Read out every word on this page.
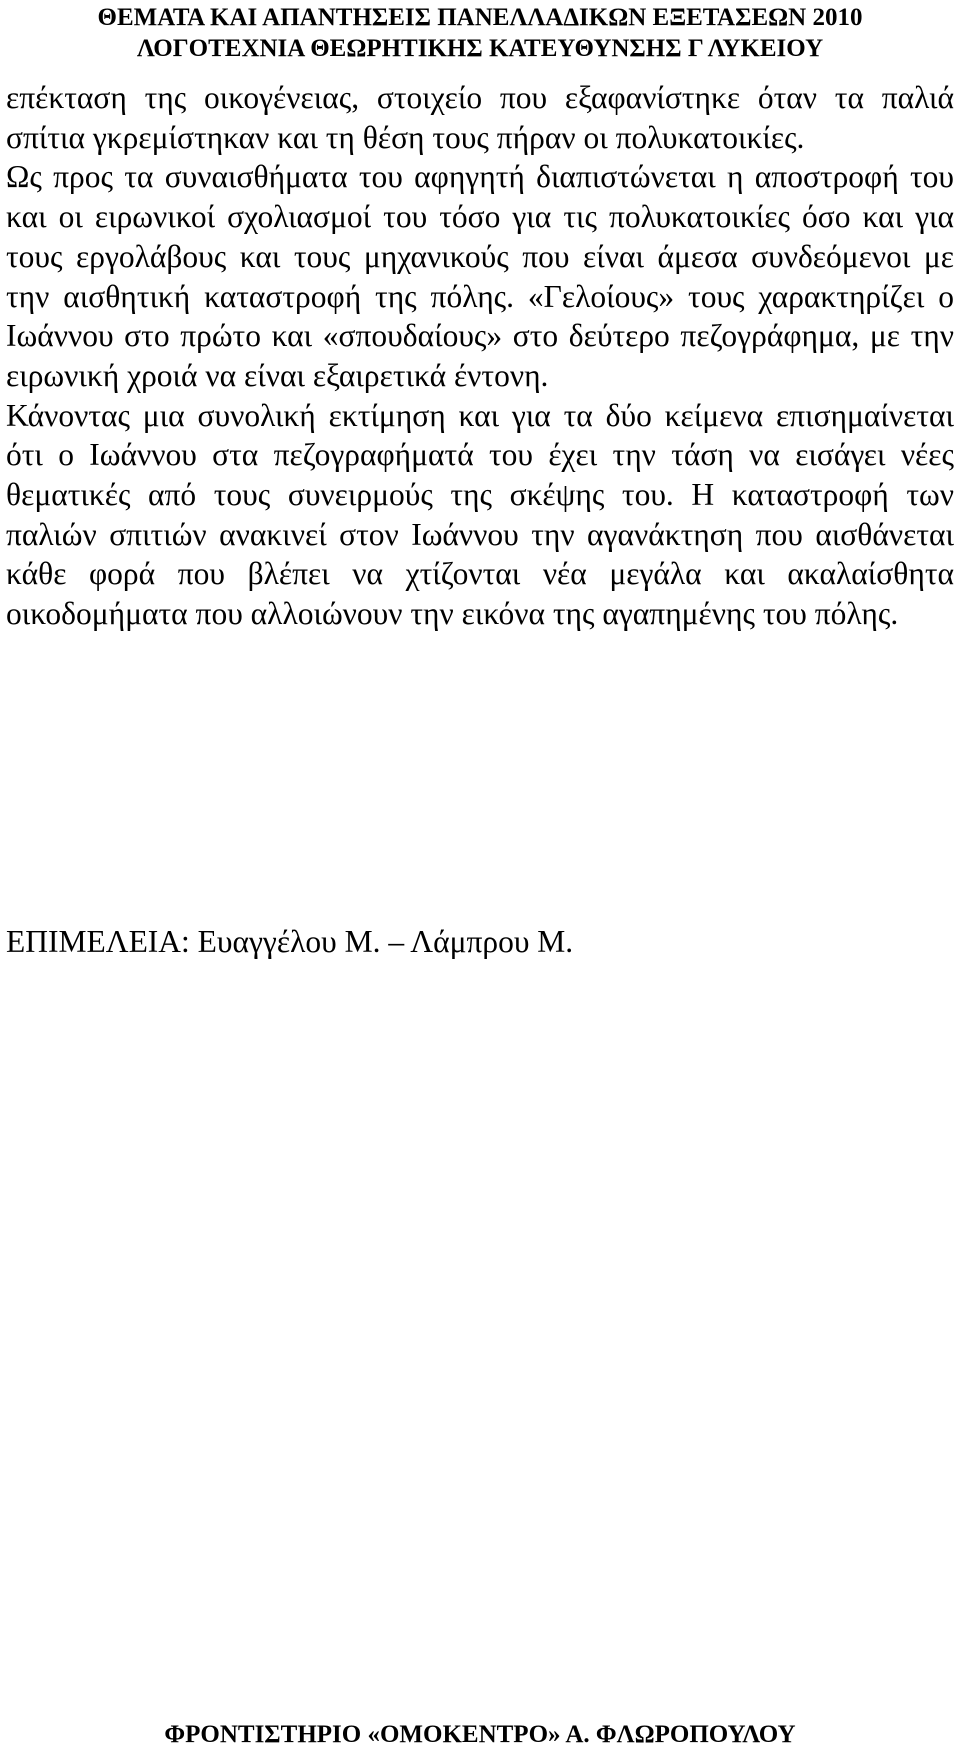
ΘΕΜΑΤΑ ΚΑΙ ΑΠΑΝΤΗΣΕΙΣ ΠΑΝΕΛΛΑΔΙΚΩΝ ΕΞΕΤΑΣΕΩΝ 2010
ΛΟΓΟΤΕΧΝΙΑ ΘΕΩΡΗΤΙΚΗΣ ΚΑΤΕΥΘΥΝΣΗΣ Γ ΛΥΚΕΙΟΥ

επέκταση της οικογένειας, στοιχείο που εξαφανίστηκε όταν τα παλιά σπίτια γκρεμίστηκαν και τη θέση τους πήραν οι πολυκατοικίες.

Ως προς τα συναισθήματα του αφηγητή διαπιστώνεται η αποστροφή του και οι ειρωνικοί σχολιασμοί του τόσο για τις πολυκατοικίες όσο και για τους εργολάβους και τους μηχανικούς που είναι άμεσα συνδεόμενοι με την αισθητική καταστροφή της πόλης. «Γελοίους» τους χαρακτηρίζει ο Ιωάννου στο πρώτο και «σπουδαίους» στο δεύτερο πεζογράφημα, με την ειρωνική χροιά να είναι εξαιρετικά έντονη.

Κάνοντας μια συνολική εκτίμηση και για τα δύο κείμενα επισημαίνεται ότι ο Ιωάννου στα πεζογραφήματά του έχει την τάση να εισάγει νέες θεματικές από τους συνειρμούς της σκέψης του. Η καταστροφή των παλιών σπιτιών ανακινεί στον Ιωάννου την αγανάκτηση που αισθάνεται κάθε φορά που βλέπει να χτίζονται νέα μεγάλα και ακαλαίσθητα οικοδομήματα που αλλοιώνουν την εικόνα της αγαπημένης του πόλης.

ΕΠΙΜΕΛΕΙΑ: Ευαγγέλου Μ. – Λάμπρου Μ.
ΦΡΟΝΤΙΣΤΗΡΙΟ «ΟΜΟΚΕΝΤΡΟ» Α. ΦΛΩΡΟΠΟΥΛΟΥ
